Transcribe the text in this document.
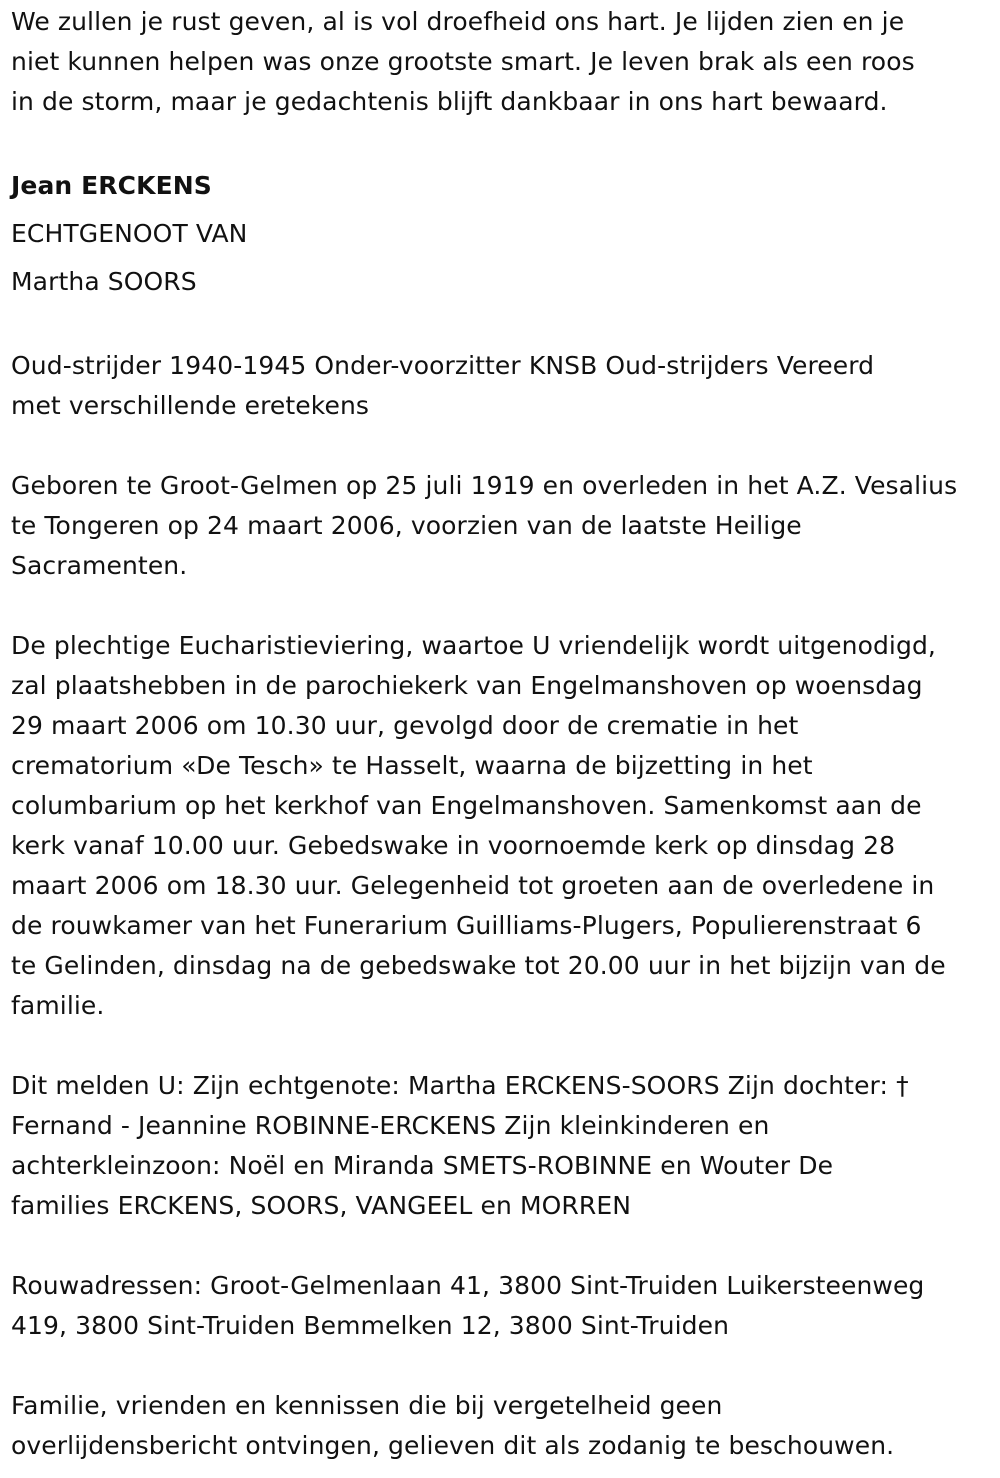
We zullen je rust geven, al is vol droefheid ons hart. Je lijden zien en je

niet kunnen helpen was onze grootste smart. Je leven brak als een roos

in de storm, maar je gedachtenis blijft dankbaar in ons hart bewaard.

Jean ERCKENS

ECHTGENOOT VAN

Martha SOORS

Oud-strijder 1940-1945 Onder-voorzitter KNSB Oud-strijders Vereerd

met verschillende eretekens

Geboren te Groot-Gelmen op 25 juli 1919 en overleden in het A.Z. Vesalius

te Tongeren op 24 maart 2006, voorzien van de laatste Heilige

Sacramenten.

De plechtige Eucharistieviering, waartoe U vriendelijk wordt uitgenodigd,

zal plaatshebben in de parochiekerk van Engelmanshoven op woensdag

29 maart 2006 om 10.30 uur, gevolgd door de crematie in het

crematorium «De Tesch» te Hasselt, waarna de bijzetting in het

columbarium op het kerkhof van Engelmanshoven. Samenkomst aan de

kerk vanaf 10.00 uur. Gebedswake in voornoemde kerk op dinsdag 28

maart 2006 om 18.30 uur. Gelegenheid tot groeten aan de overledene in

de rouwkamer van het Funerarium Guilliams-Plugers, Populierenstraat 6

te Gelinden, dinsdag na de gebedswake tot 20.00 uur in het bijzijn van de

familie.

Dit melden U: Zijn echtgenote: Martha ERCKENS-SOORS Zijn dochter: †

Fernand - Jeannine ROBINNE-ERCKENS Zijn kleinkinderen en

achterkleinzoon: Noël en Miranda SMETS-ROBINNE en Wouter De

families ERCKENS, SOORS, VANGEEL en MORREN

Rouwadressen: Groot-Gelmenlaan 41, 3800 Sint-Truiden Luikersteenweg

419, 3800 Sint-Truiden Bemmelken 12, 3800 Sint-Truiden

Familie, vrienden en kennissen die bij vergetelheid geen

overlijdensbericht ontvingen, gelieven dit als zodanig te beschouwen.
